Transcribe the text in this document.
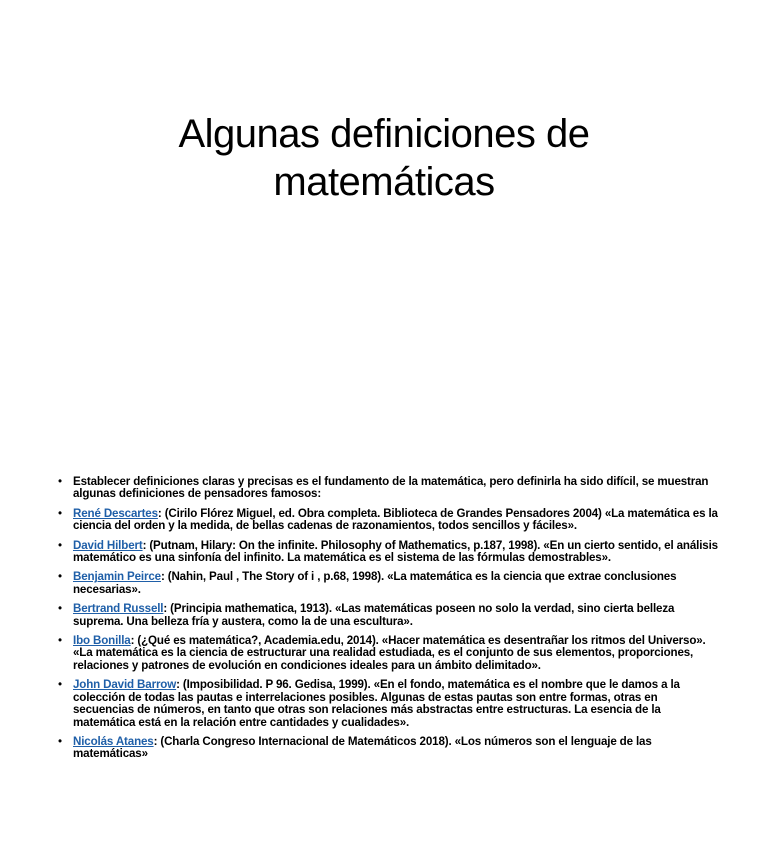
Algunas definiciones de
matemáticas
• Establecer definiciones claras y precisas es el fundamento de la matemática, pero definirla ha sido difícil, se muestran algunas definiciones de pensadores famosos:
• René Descartes: (Cirilo Flórez Miguel, ed. Obra completa. Biblioteca de Grandes Pensadores 2004) «La matemática es la ciencia del orden y la medida, de bellas cadenas de razonamientos, todos sencillos y fáciles».
• David Hilbert: (Putnam, Hilary: On the infinite. Philosophy of Mathematics, p.187, 1998). «En un cierto sentido, el análisis matemático es una sinfonía del infinito. La matemática es el sistema de las fórmulas demostrables».
• Benjamin Peirce: (Nahin, Paul , The Story of i , p.68, 1998). «La matemática es la ciencia que extrae conclusiones necesarias».
• Bertrand Russell: (Principia mathematica, 1913). «Las matemáticas poseen no solo la verdad, sino cierta belleza suprema. Una belleza fría y austera, como la de una escultura».
• Ibo Bonilla: (¿Qué es matemática?, Academia.edu, 2014). «Hacer matemática es desentrañar los ritmos del Universo». «La matemática es la ciencia de estructurar una realidad estudiada, es el conjunto de sus elementos, proporciones, relaciones y patrones de evolución en condiciones ideales para un ámbito delimitado».
• John David Barrow: (Imposibilidad. P 96. Gedisa, 1999). «En el fondo, matemática es el nombre que le damos a la colección de todas las pautas e interrelaciones posibles. Algunas de estas pautas son entre formas, otras en secuencias de números, en tanto que otras son relaciones más abstractas entre estructuras. La esencia de la matemática está en la relación entre cantidades y cualidades».
• Nicolás Atanes: (Charla Congreso Internacional de Matemáticos 2018). «Los números son el lenguaje de las matemáticas»
